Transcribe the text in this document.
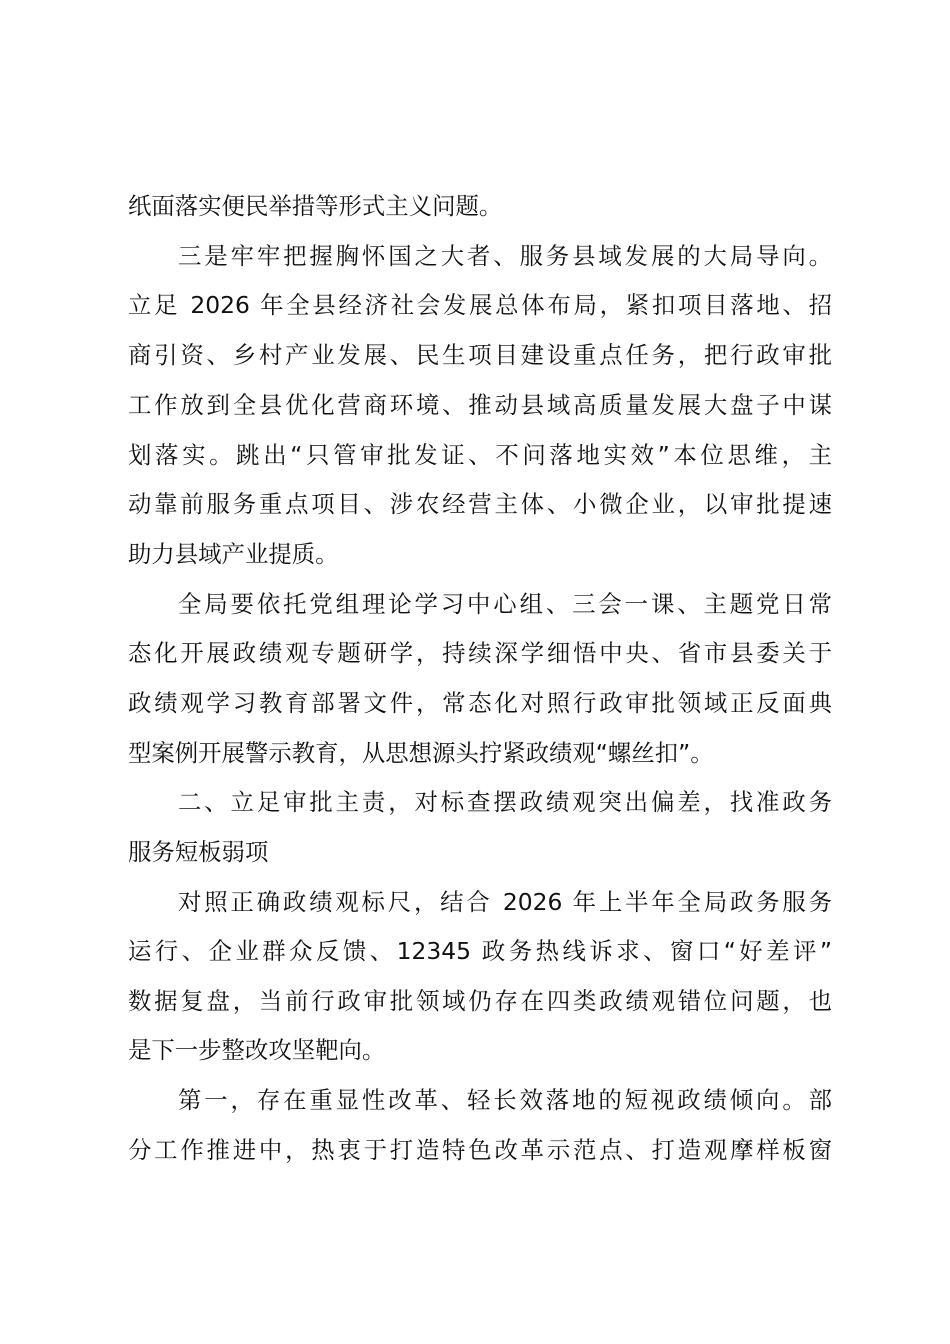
纸面落实便民举措等形式主义问题。
三是牢牢把握胸怀国之大者、服务县域发展的大局导向。
立足 2026 年全县经济社会发展总体布局，紧扣项目落地、招
商引资、乡村产业发展、民生项目建设重点任务，把行政审批
工作放到全县优化营商环境、推动县域高质量发展大盘子中谋
划落实。跳出“只管审批发证、不问落地实效”本位思维，主
动靠前服务重点项目、涉农经营主体、小微企业，以审批提速
助力县域产业提质。
全局要依托党组理论学习中心组、三会一课、主题党日常
态化开展政绩观专题研学，持续深学细悟中央、省市县委关于
政绩观学习教育部署文件，常态化对照行政审批领域正反面典
型案例开展警示教育，从思想源头拧紧政绩观“螺丝扣”。
二、立足审批主责，对标查摆政绩观突出偏差，找准政务
服务短板弱项
对照正确政绩观标尺，结合 2026 年上半年全局政务服务
运行、企业群众反馈、12345 政务热线诉求、窗口“好差评”
数据复盘，当前行政审批领域仍存在四类政绩观错位问题，也
是下一步整改攻坚靶向。
第一，存在重显性改革、轻长效落地的短视政绩倾向。部
分工作推进中，热衷于打造特色改革示范点、打造观摩样板窗
